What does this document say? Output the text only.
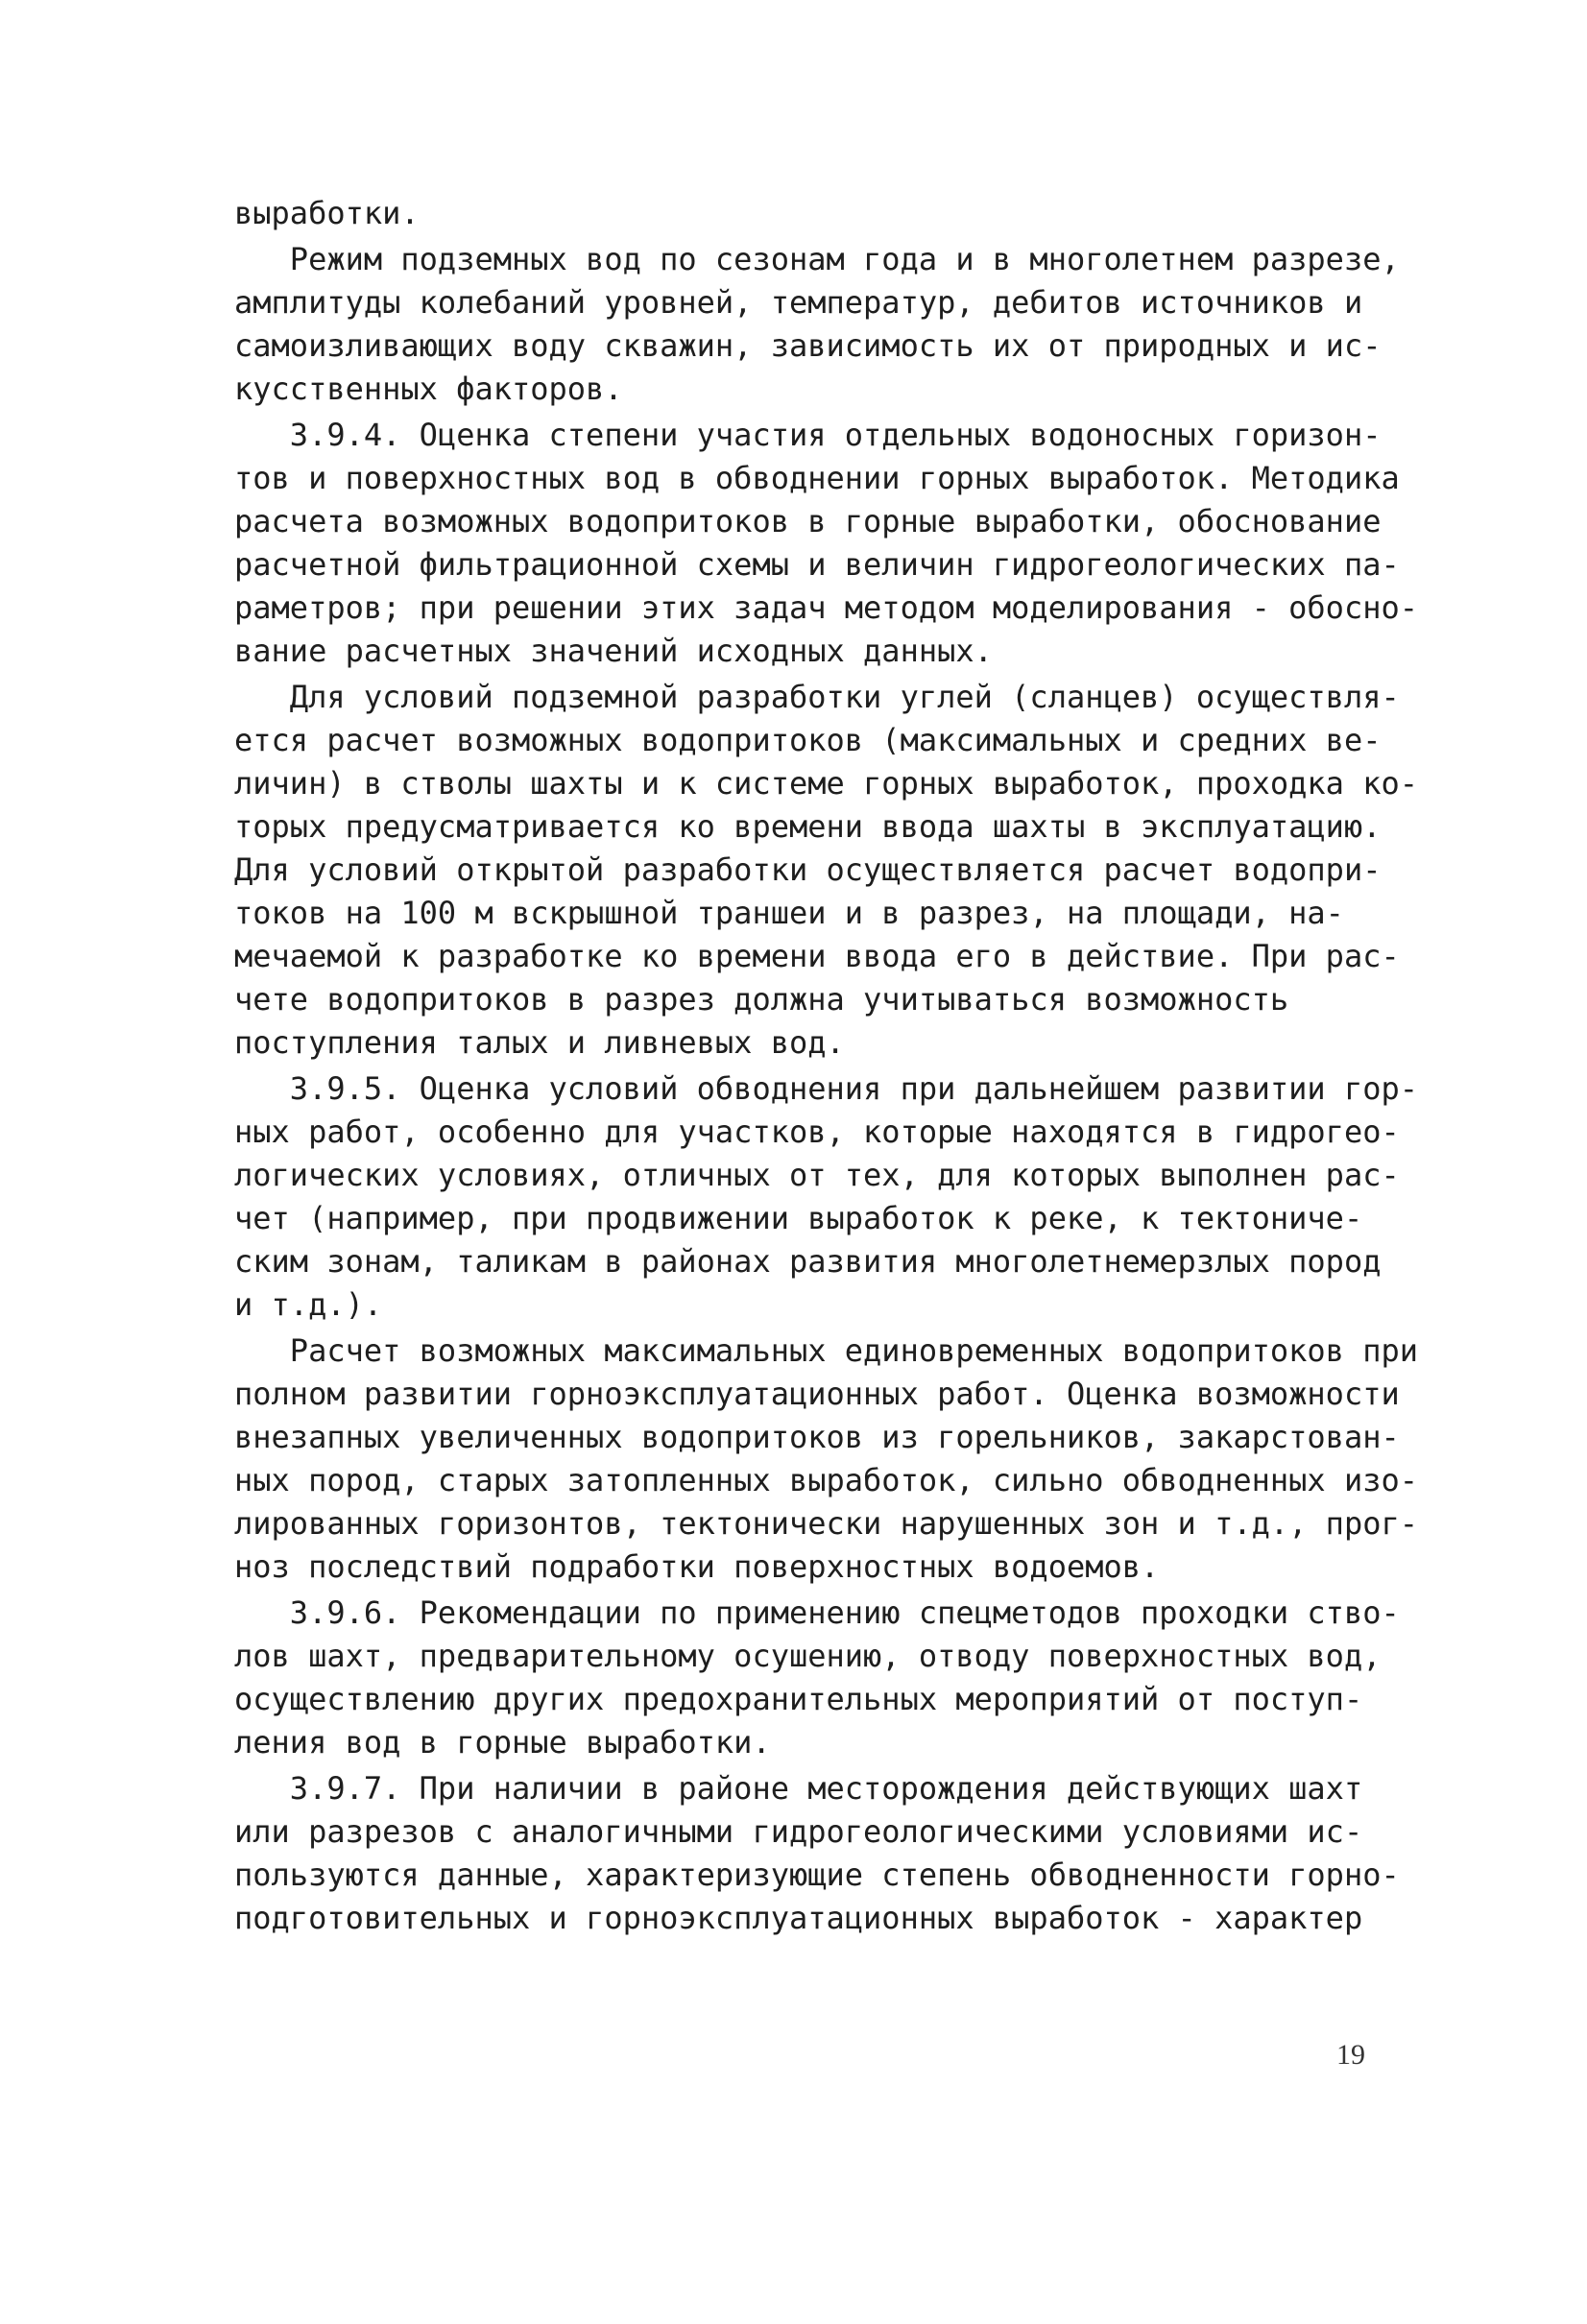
выработки.

Режим подземных вод по сезонам года и в многолетнем разрезе,

амплитуды колебаний уровней, температур, дебитов источников и

самоизливающих воду скважин, зависимость их от природных и ис-

кусственных факторов.

3.9.4. Оценка степени участия отдельных водоносных горизон-

тов и поверхностных вод в обводнении горных выработок. Методика

расчета возможных водопритоков в горные выработки, обоснование

расчетной фильтрационной схемы и величин гидрогеологических па-

раметров; при решении этих задач методом моделирования - обосно-

вание расчетных значений исходных данных.

Для условий подземной разработки углей (сланцев) осуществля-

ется расчет возможных водопритоков (максимальных и средних ве-

личин) в стволы шахты и к системе горных выработок, проходка ко-

торых предусматривается ко времени ввода шахты в эксплуатацию.

Для условий открытой разработки осуществляется расчет водопри-

токов на 100 м вскрышной траншеи и в разрез, на площади, на-

мечаемой к разработке ко времени ввода его в действие. При рас-

чете водопритоков в разрез должна учитываться возможность

поступления талых и ливневых вод.

3.9.5. Оценка условий обводнения при дальнейшем развитии гор-

ных работ, особенно для участков, которые находятся в гидрогео-

логических условиях, отличных от тех, для которых выполнен рас-

чет (например, при продвижении выработок к реке, к тектониче-

ским зонам, таликам в районах развития многолетнемерзлых пород

и т.д.).

Расчет возможных максимальных единовременных водопритоков при

полном развитии горноэксплуатационных работ. Оценка возможности

внезапных увеличенных водопритоков из горельников, закарстован-

ных пород, старых затопленных выработок, сильно обводненных изо-

лированных горизонтов, тектонически нарушенных зон и т.д., прог-

ноз последствий подработки поверхностных водоемов.

3.9.6. Рекомендации по применению спецметодов проходки ство-

лов шахт, предварительному осушению, отводу поверхностных вод,

осуществлению других предохранительных мероприятий от поступ-

ления вод в горные выработки.

3.9.7. При наличии в районе месторождения действующих шахт

или разрезов с аналогичными гидрогеологическими условиями ис-

пользуются данные, характеризующие степень обводненности горно-

подготовительных и горноэксплуатационных выработок - характер

19
